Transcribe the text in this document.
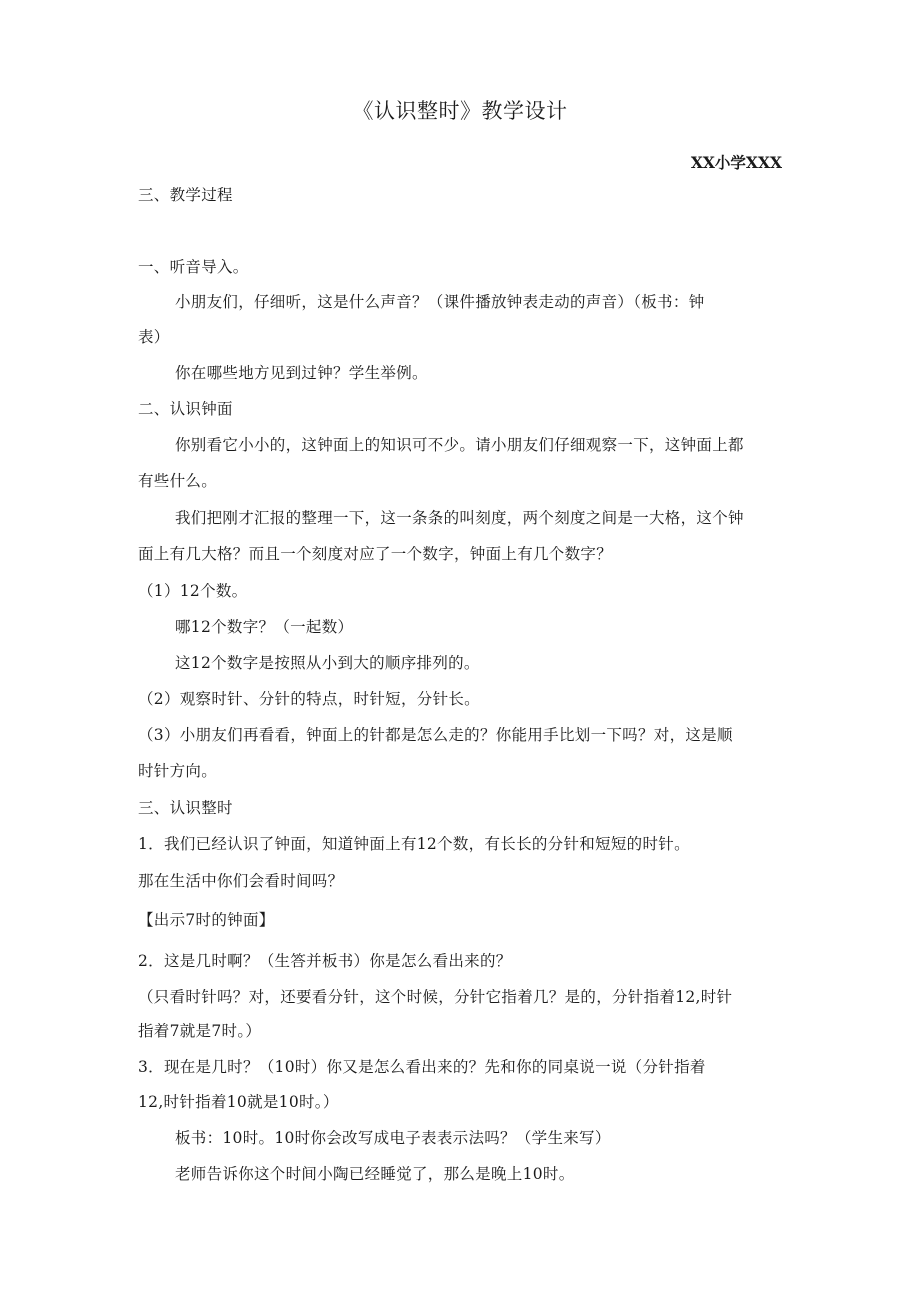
《认识整时》教学设计
XX小学XXX
三、教学过程
一、听音导入。
小朋友们，仔细听，这是什么声音？（课件播放钟表走动的声音）（板书：钟
表）
你在哪些地方见到过钟？学生举例。
二、认识钟面
你别看它小小的，这钟面上的知识可不少。请小朋友们仔细观察一下，这钟面上都
有些什么。
我们把刚才汇报的整理一下，这一条条的叫刻度，两个刻度之间是一大格，这个钟
面上有几大格？而且一个刻度对应了一个数字，钟面上有几个数字？
（1）12个数。
哪12个数字？（一起数）
这12个数字是按照从小到大的顺序排列的。
（2）观察时针、分针的特点，时针短，分针长。
（3）小朋友们再看看，钟面上的针都是怎么走的？你能用手比划一下吗？对，这是顺
时针方向。
三、认识整时
1．我们已经认识了钟面，知道钟面上有12个数，有长长的分针和短短的时针。
那在生活中你们会看时间吗？
【出示7时的钟面】
2．这是几时啊？（生答并板书）你是怎么看出来的？
（只看时针吗？对，还要看分针，这个时候，分针它指着几？是的，分针指着12,时针
指着7就是7时。）
3．现在是几时？（10时）你又是怎么看出来的？先和你的同桌说一说（分针指着
12,时针指着10就是10时。）
板书：10时。10时你会改写成电子表表示法吗？（学生来写）
老师告诉你这个时间小陶已经睡觉了，那么是晚上10时。
